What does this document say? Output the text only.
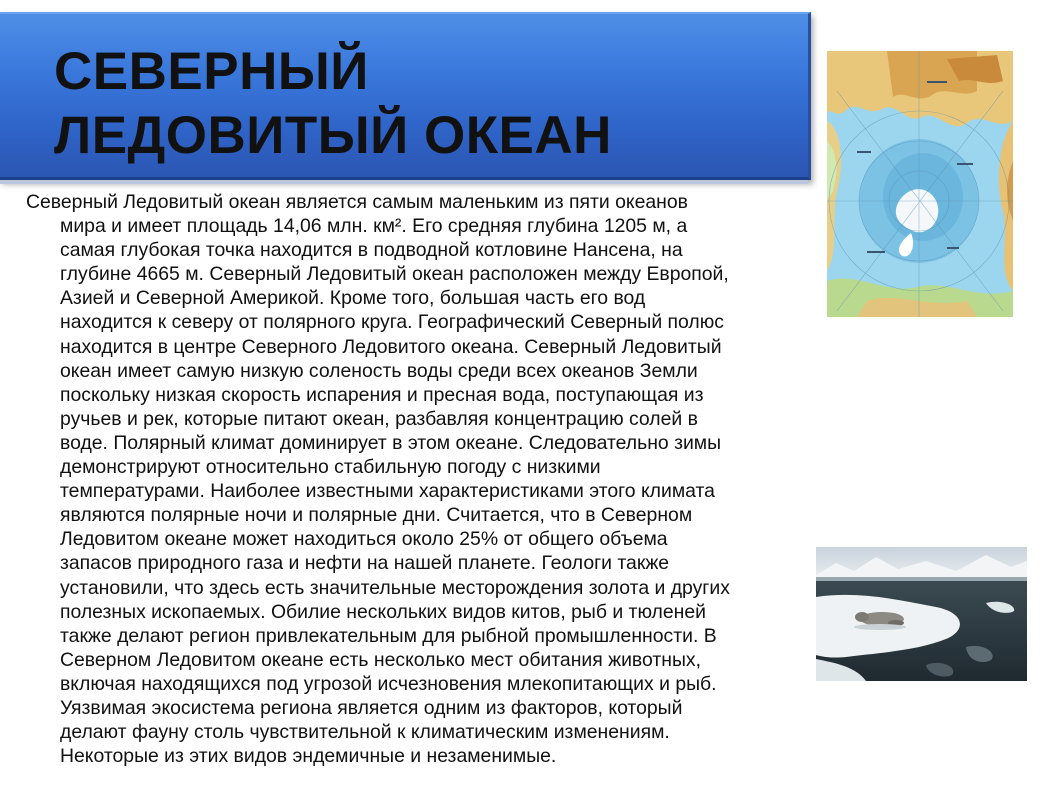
СЕВЕРНЫЙ
ЛЕДОВИТЫЙ ОКЕАН

Северный Ледовитый океан является самым маленьким из пяти океанов
мира и имеет площадь 14,06 млн. км². Его средняя глубина 1205 м, а
самая глубокая точка находится в подводной котловине Нансена, на
глубине 4665 м. Северный Ледовитый океан расположен между Европой,
Азией и Северной Америкой. Кроме того, большая часть его вод
находится к северу от полярного круга. Географический Северный полюс
находится в центре Северного Ледовитого океана. Северный Ледовитый
океан имеет самую низкую соленость воды среди всех океанов Земли
поскольку низкая скорость испарения и пресная вода, поступающая из
ручьев и рек, которые питают океан, разбавляя концентрацию солей в
воде. Полярный климат доминирует в этом океане. Следовательно зимы
демонстрируют относительно стабильную погоду с низкими
температурами. Наиболее известными характеристиками этого климата
являются полярные ночи и полярные дни. Считается, что в Северном
Ледовитом океане может находиться около 25% от общего объема
запасов природного газа и нефти на нашей планете. Геологи также
установили, что здесь есть значительные месторождения золота и других
полезных ископаемых. Обилие нескольких видов китов, рыб и тюленей
также делают регион привлекательным для рыбной промышленности. В
Северном Ледовитом океане есть несколько мест обитания животных,
включая находящихся под угрозой исчезновения млекопитающих и рыб.
Уязвимая экосистема региона является одним из факторов, который
делают фауну столь чувствительной к климатическим изменениям.
Некоторые из этих видов эндемичные и незаменимые.
